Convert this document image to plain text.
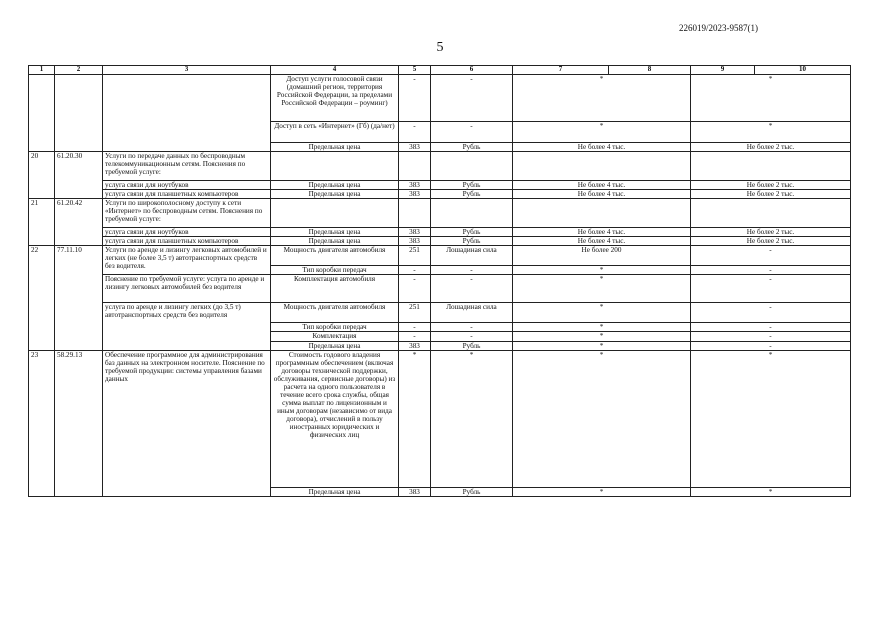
226019/2023-9587(1)
5
1	2	3	4	5	6	7	8	9	10
			Доступ услуги голосовой связи (домашний регион, территория Российской Федерации, за пределами Российской Федерации – роуминг)	-	-	*		*	
			Доступ в сеть «Интернет» (Гб) (да/нет)	-	-	*		*	
			Предельная цена	383	Рубль	Не более 4 тыс.		Не более 2 тыс.	
20	61.20.30	Услуги по передаче данных по беспроводным телекоммуникационным сетям. Пояснения по требуемой услуге:							
		услуга связи для ноутбуков	Предельная цена	383	Рубль	Не более 4 тыс.		Не более 2 тыс.	
		услуга связи для планшетных компьютеров	Предельная цена	383	Рубль	Не более 4 тыс.		Не более 2 тыс.	
21	61.20.42	Услуги по широкополосному доступу к сети «Интернет» по беспроводным сетям. Пояснения по требуемой услуге:							
		услуга связи для ноутбуков	Предельная цена	383	Рубль	Не более 4 тыс.		Не более 2 тыс.	
		услуга связи для планшетных компьютеров	Предельная цена	383	Рубль	Не более 4 тыс.		Не более 2 тыс.	
22	77.11.10	Услуги по аренде и лизингу легковых автомобилей и легких (не более 3,5 т) автотранспортных средств без водителя.	Мощность двигателя автомобиля	251	Лошадиная сила	Не более 200		-	
			Тип коробки передач	-	-	*		-	
		Пояснение по требуемой услуге: услуга по аренде и лизингу легковых автомобилей без водителя	Комплектация автомобиля	-	-	*		-	
		услуга по аренде и лизингу легких (до 3,5 т) автотранспортных средств без водителя	Мощность двигателя автомобиля	251	Лошадиная сила	*		-	
			Тип коробки передач	-	-	*		-	
			Комплектация	-	-	*		-	
			Предельная цена	383	Рубль	*		-	
23	58.29.13	Обеспечение программное для администрирования баз данных на электронном носителе. Пояснение по требуемой продукции: системы управления базами данных	Стоимость годового владения программным обеспечением (включая договоры технической поддержки, обслуживания, сервисные договоры) из расчета на одного пользователя в течение всего срока службы, общая сумма выплат по лицензионным и иным договорам (независимо от вида договора), отчислений в пользу иностранных юридических и физических лиц	*	*	*		*	
			Предельная цена	383	Рубль	*		*	
